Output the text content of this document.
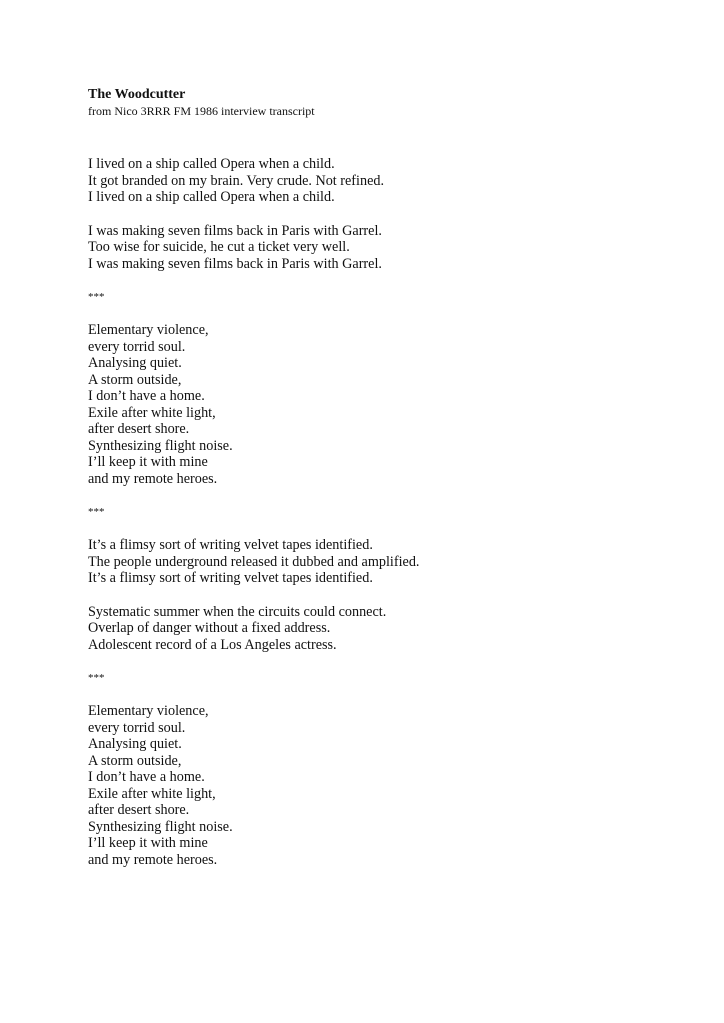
The Woodcutter

from Nico 3RRR FM 1986 interview transcript

I lived on a ship called Opera when a child.
It got branded on my brain. Very crude. Not refined.
I lived on a ship called Opera when a child.
I was making seven films back in Paris with Garrel.
Too wise for suicide, he cut a ticket very well.
I was making seven films back in Paris with Garrel.
***
Elementary violence,
every torrid soul.
Analysing quiet.
A storm outside,
I don’t have a home.
Exile after white light,
after desert shore.
Synthesizing flight noise.
I’ll keep it with mine
and my remote heroes.
***
It’s a flimsy sort of writing velvet tapes identified.
The people underground released it dubbed and amplified.
It’s a flimsy sort of writing velvet tapes identified.
Systematic summer when the circuits could connect.
Overlap of danger without a fixed address.
Adolescent record of a Los Angeles actress.
***
Elementary violence,
every torrid soul.
Analysing quiet.
A storm outside,
I don’t have a home.
Exile after white light,
after desert shore.
Synthesizing flight noise.
I’ll keep it with mine
and my remote heroes.
